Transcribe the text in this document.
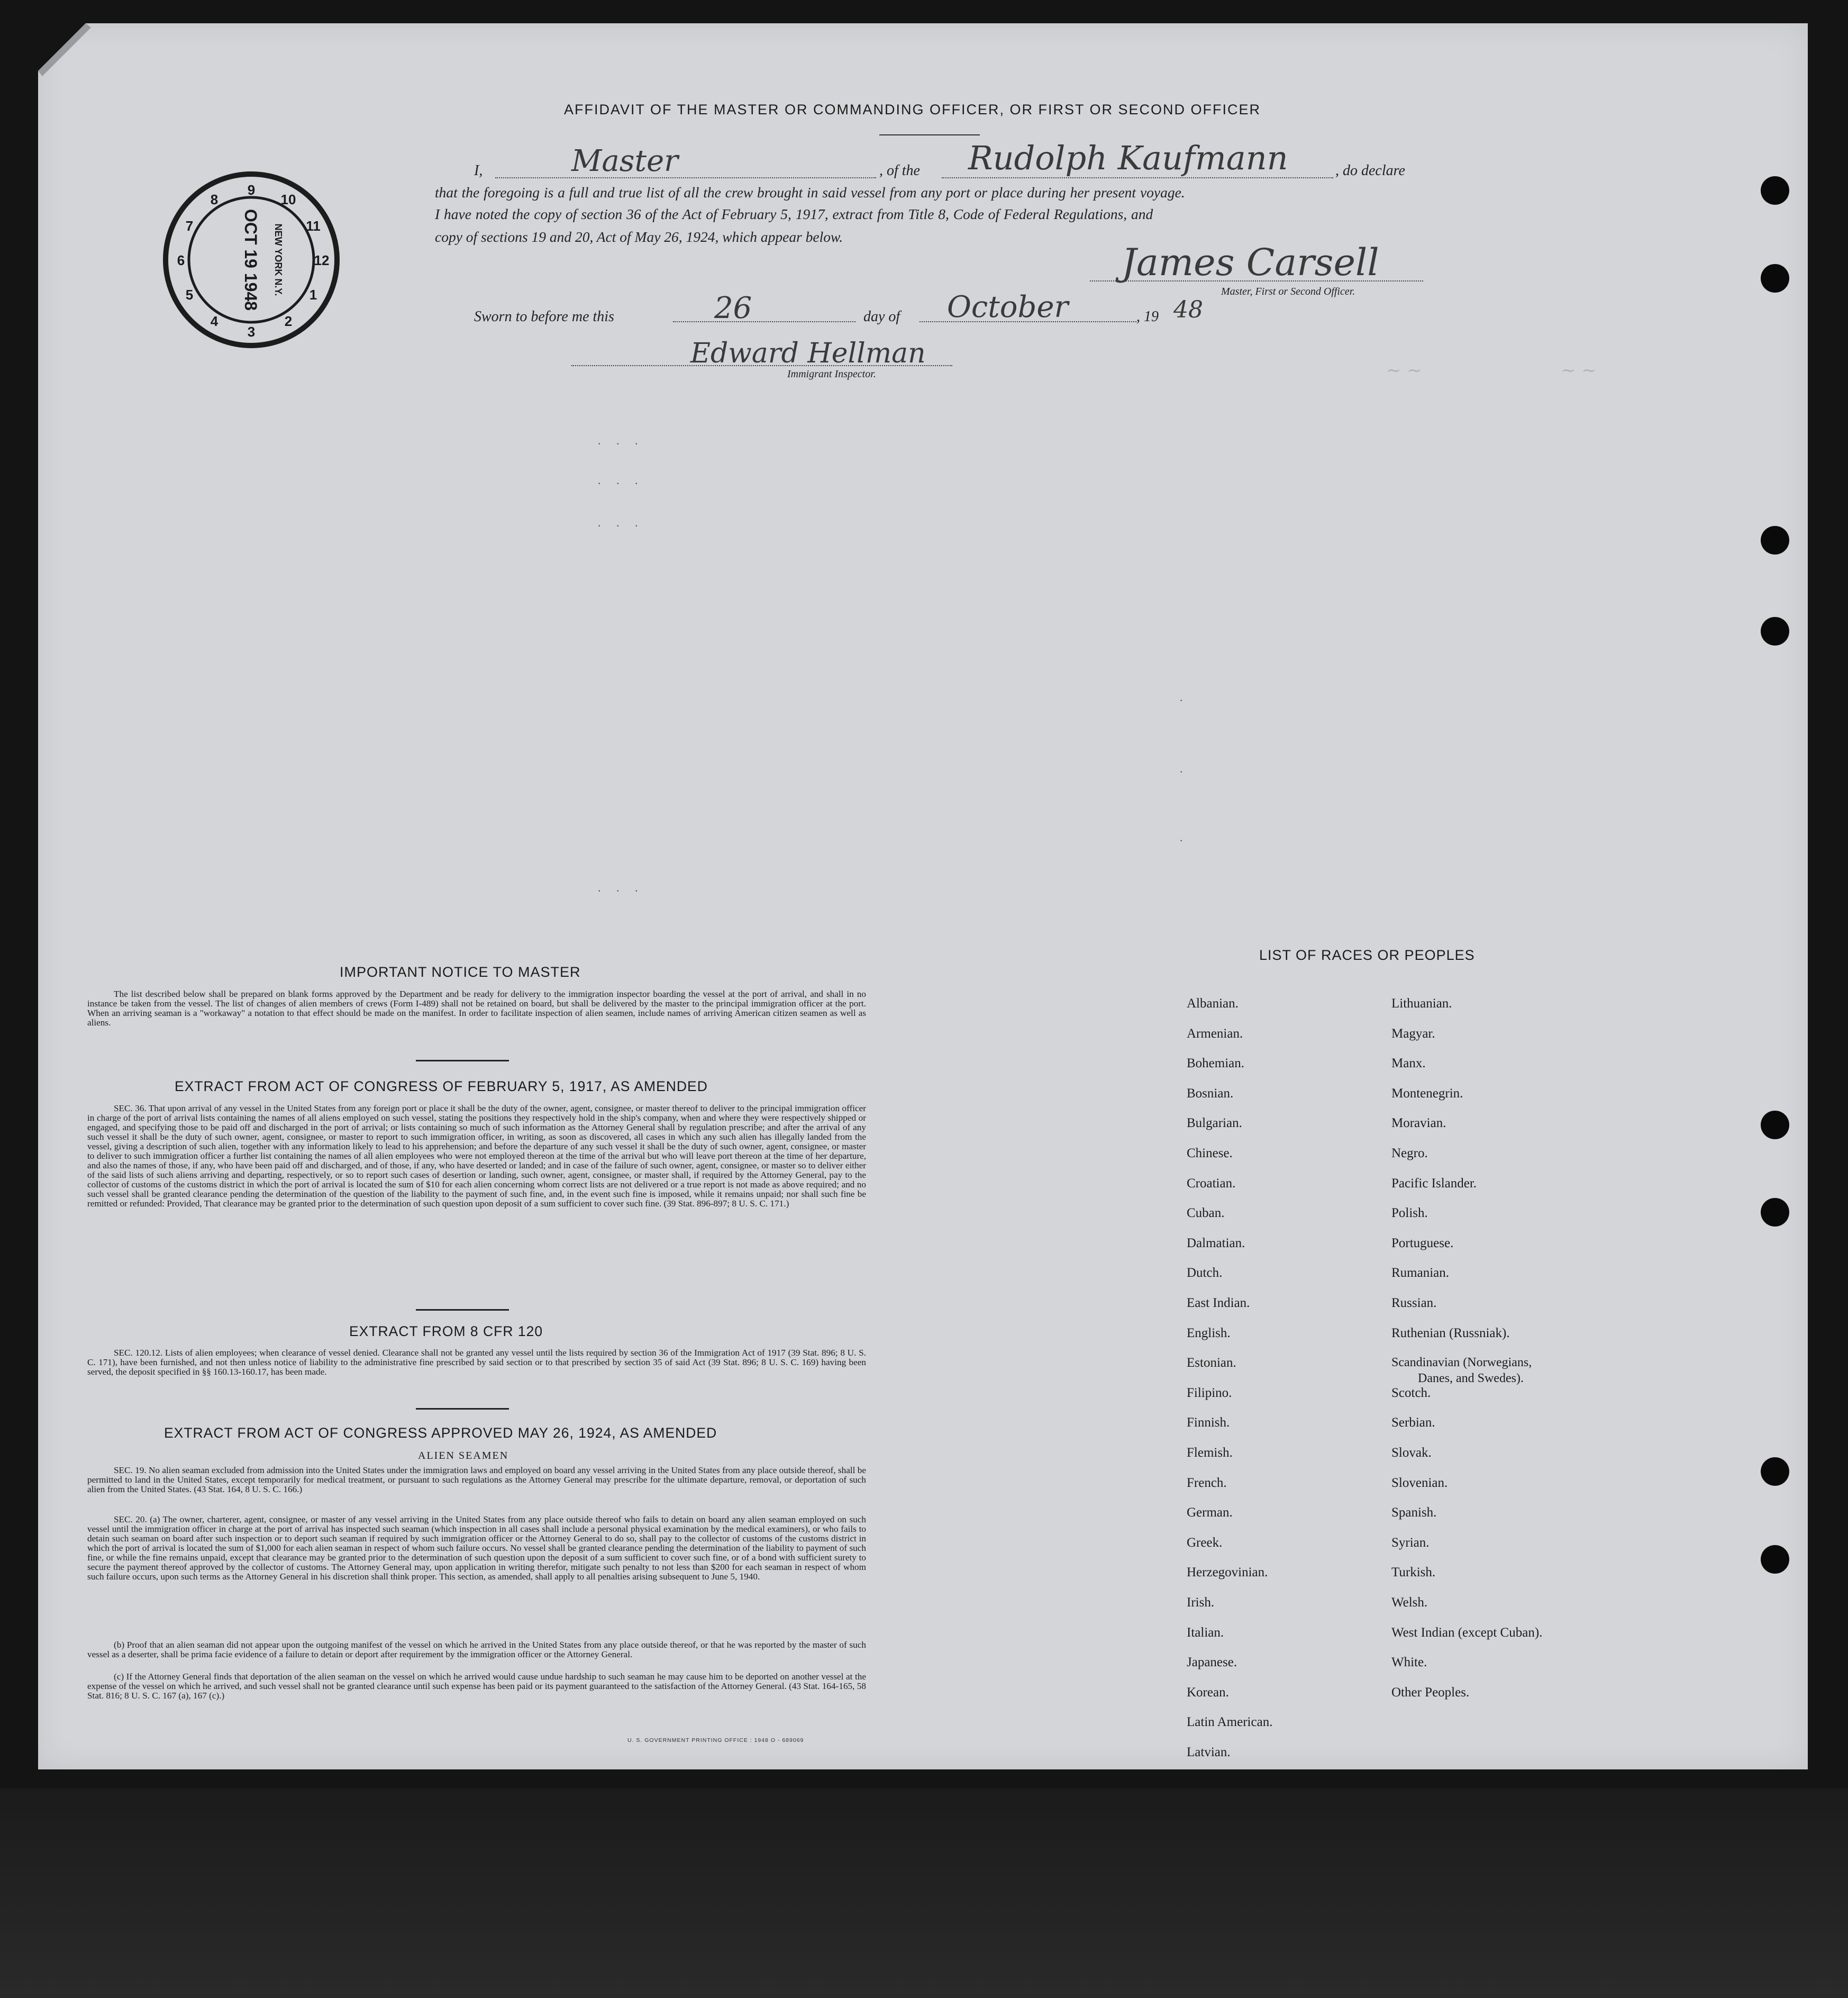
AFFIDAVIT OF THE MASTER OR COMMANDING OFFICER, OR FIRST OR SECOND OFFICER
I,	Master	, of the Rudolph Kaufmann	, do declare
that the foregoing is a full and true list of all the crew brought in said vessel from any port or place during her present voyage.
I have noted the copy of section 36 of the Act of February 5, 1917, extract from Title 8, Code of Federal Regulations, and
copy of sections 19 and 20, Act of May 26, 1924, which appear below.
James Carsell
Master, First or Second Officer.
Sworn to before me this	26	day of October	, 19 48
Edward Hellman
Immigrant Inspector.	~ ~	~ ~
9
10
11
12
1
2
3
4
5
6
7
8
OCT 19 1948 NEW YORK N.Y.
. . .
. . .
. . .
. . .
.
.
.
IMPORTANT NOTICE TO MASTER
The list described below shall be prepared on blank forms approved by the Department and be ready for delivery to the immigration inspector boarding the vessel at the port of arrival, and shall in no instance be taken from the vessel. The list of changes of alien members of crews (Form I-489) shall not be retained on board, but shall be delivered by the master to the principal immigration officer at the port. When an arriving seaman is a "workaway" a notation to that effect should be made on the manifest. In order to facilitate inspection of alien seamen, include names of arriving American citizen seamen as well as aliens.
EXTRACT FROM ACT OF CONGRESS OF FEBRUARY 5, 1917, AS AMENDED
SEC. 36. That upon arrival of any vessel in the United States from any foreign port or place it shall be the duty of the owner, agent, consignee, or master thereof to deliver to the principal immigration officer in charge of the port of arrival lists containing the names of all aliens employed on such vessel, stating the positions they respectively hold in the ship's company, when and where they were respectively shipped or engaged, and specifying those to be paid off and discharged in the port of arrival; or lists containing so much of such information as the Attorney General shall by regulation prescribe; and after the arrival of any such vessel it shall be the duty of such owner, agent, consignee, or master to report to such immigration officer, in writing, as soon as discovered, all cases in which any such alien has illegally landed from the vessel, giving a description of such alien, together with any information likely to lead to his apprehension; and before the departure of any such vessel it shall be the duty of such owner, agent, consignee, or master to deliver to such immigration officer a further list containing the names of all alien employees who were not employed thereon at the time of the arrival but who will leave port thereon at the time of her departure, and also the names of those, if any, who have been paid off and discharged, and of those, if any, who have deserted or landed; and in case of the failure of such owner, agent, consignee, or master so to deliver either of the said lists of such aliens arriving and departing, respectively, or so to report such cases of desertion or landing, such owner, agent, consignee, or master shall, if required by the Attorney General, pay to the collector of customs of the customs district in which the port of arrival is located the sum of $10 for each alien concerning whom correct lists are not delivered or a true report is not made as above required; and no such vessel shall be granted clearance pending the determination of the question of the liability to the payment of such fine, and, in the event such fine is imposed, while it remains unpaid; nor shall such fine be remitted or refunded: Provided, That clearance may be granted prior to the determination of such question upon deposit of a sum sufficient to cover such fine. (39 Stat. 896-897; 8 U. S. C. 171.)
EXTRACT FROM 8 CFR 120
SEC. 120.12. Lists of alien employees; when clearance of vessel denied. Clearance shall not be granted any vessel until the lists required by section 36 of the Immigration Act of 1917 (39 Stat. 896; 8 U. S. C. 171), have been furnished, and not then unless notice of liability to the administrative fine prescribed by said section or to that prescribed by section 35 of said Act (39 Stat. 896; 8 U. S. C. 169) having been served, the deposit specified in §§ 160.13-160.17, has been made.
EXTRACT FROM ACT OF CONGRESS APPROVED MAY 26, 1924, AS AMENDED
ALIEN SEAMEN
SEC. 19. No alien seaman excluded from admission into the United States under the immigration laws and employed on board any vessel arriving in the United States from any place outside thereof, shall be permitted to land in the United States, except temporarily for medical treatment, or pursuant to such regulations as the Attorney General may prescribe for the ultimate departure, removal, or deportation of such alien from the United States. (43 Stat. 164, 8 U. S. C. 166.)
SEC. 20. (a) The owner, charterer, agent, consignee, or master of any vessel arriving in the United States from any place outside thereof who fails to detain on board any alien seaman employed on such vessel until the immigration officer in charge at the port of arrival has inspected such seaman (which inspection in all cases shall include a personal physical examination by the medical examiners), or who fails to detain such seaman on board after such inspection or to deport such seaman if required by such immigration officer or the Attorney General to do so, shall pay to the collector of customs of the customs district in which the port of arrival is located the sum of $1,000 for each alien seaman in respect of whom such failure occurs. No vessel shall be granted clearance pending the determination of the liability to payment of such fine, or while the fine remains unpaid, except that clearance may be granted prior to the determination of such question upon the deposit of a sum sufficient to cover such fine, or of a bond with sufficient surety to secure the payment thereof approved by the collector of customs. The Attorney General may, upon application in writing therefor, mitigate such penalty to not less than $200 for each seaman in respect of whom such failure occurs, upon such terms as the Attorney General in his discretion shall think proper. This section, as amended, shall apply to all penalties arising subsequent to June 5, 1940.
(b) Proof that an alien seaman did not appear upon the outgoing manifest of the vessel on which he arrived in the United States from any place outside thereof, or that he was reported by the master of such vessel as a deserter, shall be prima facie evidence of a failure to detain or deport after requirement by the immigration officer or the Attorney General.
(c) If the Attorney General finds that deportation of the alien seaman on the vessel on which he arrived would cause undue hardship to such seaman he may cause him to be deported on another vessel at the expense of the vessel on which he arrived, and such vessel shall not be granted clearance until such expense has been paid or its payment guaranteed to the satisfaction of the Attorney General. (43 Stat. 164-165, 58 Stat. 816; 8 U. S. C. 167 (a), 167 (c).)
U. S. GOVERNMENT PRINTING OFFICE : 1948 O - 689069
LIST OF RACES OR PEOPLES
Albanian.
Armenian.
Bohemian.
Bosnian.
Bulgarian.
Chinese.
Croatian.
Cuban.
Dalmatian.
Dutch.
East Indian.
English.
Estonian.
Filipino.
Finnish.
Flemish.
French.
German.
Greek.
Herzegovinian.
Irish.
Italian.
Japanese.
Korean.
Latin American.
Latvian.
Lithuanian.
Magyar.
Manx.
Montenegrin.
Moravian.
Negro.
Pacific Islander.
Polish.
Portuguese.
Rumanian.
Russian.
Ruthenian (Russniak).
Scandinavian (Norwegians,
Danes, and Swedes).
Scotch.
Serbian.
Slovak.
Slovenian.
Spanish.
Syrian.
Turkish.
Welsh.
West Indian (except Cuban).
White.
Other Peoples.
